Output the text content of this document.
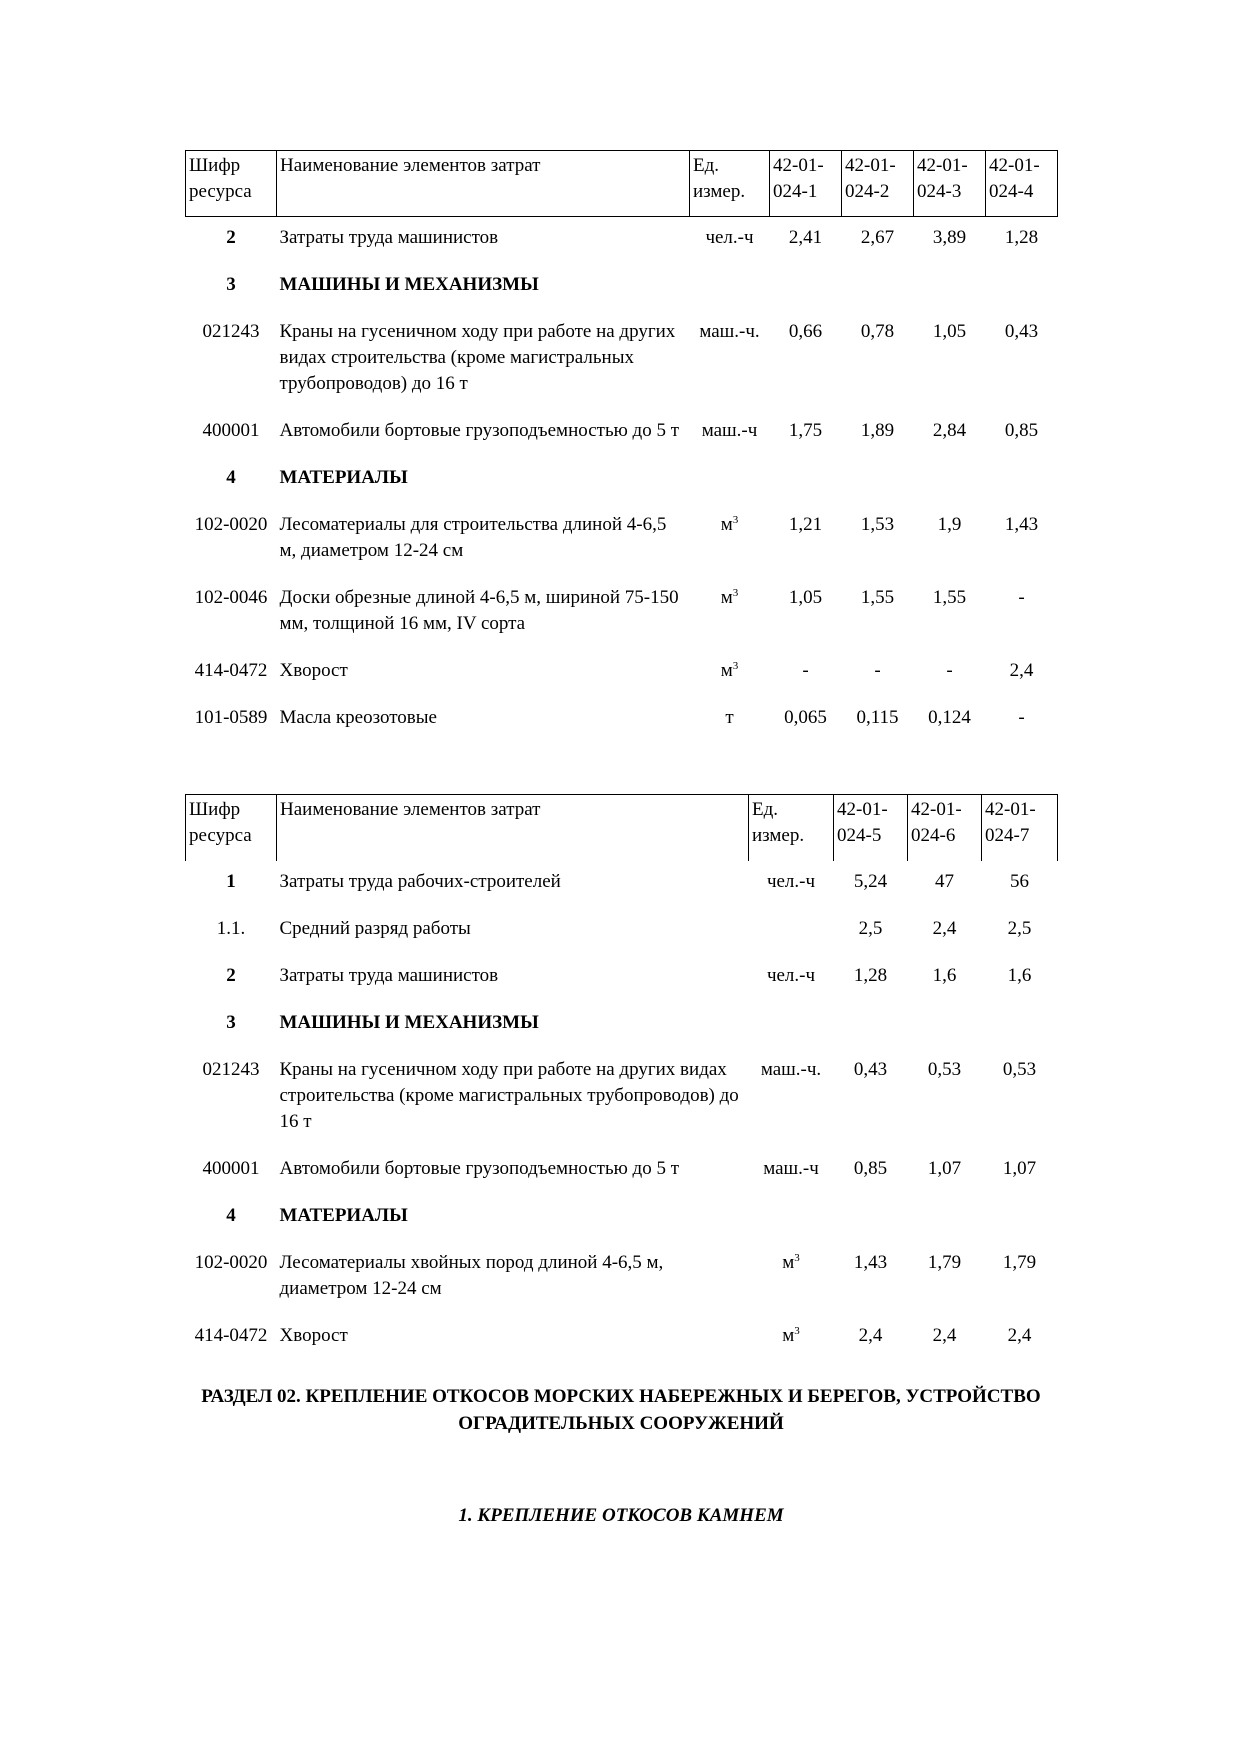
Шифр ресурса	Наименование элементов затрат	Ед. измер.	42-01-024-1	42-01-024-2	42-01-024-3	42-01-024-4
2	Затраты труда машинистов	чел.-ч	2,41	2,67	3,89	1,28
3	МАШИНЫ И МЕХАНИЗМЫ					
021243	Краны на гусеничном ходу при работе на других видах строительства (кроме магистральных трубопроводов) до 16 т	маш.-ч.	0,66	0,78	1,05	0,43
400001	Автомобили бортовые грузоподъемностью до 5 т	маш.-ч	1,75	1,89	2,84	0,85
4	МАТЕРИАЛЫ					
102-0020	Лесоматериалы для строительства длиной 4-6,5 м, диаметром 12-24 см	$м^3$	1,21	1,53	1,9	1,43
102-0046	Доски обрезные длиной 4-6,5 м, шириной 75-150 мм, толщиной 16 мм, IV сорта	$м^3$	1,05	1,55	1,55	-
414-0472	Хворост	$м^3$	-	-	-	2,4
101-0589	Масла креозотовые	т	0,065	0,115	0,124	-
Шифр ресурса	Наименование элементов затрат	Ед. измер.	42-01-024-5	42-01-024-6	42-01-024-7
1	Затраты труда рабочих-строителей	чел.-ч	5,24	47	56
1.1.	Средний разряд работы		2,5	2,4	2,5
2	Затраты труда машинистов	чел.-ч	1,28	1,6	1,6
3	МАШИНЫ И МЕХАНИЗМЫ				
021243	Краны на гусеничном ходу при работе на других видах строительства (кроме магистральных трубопроводов) до 16 т	маш.-ч.	0,43	0,53	0,53
400001	Автомобили бортовые грузоподъемностью до 5 т	маш.-ч	0,85	1,07	1,07
4	МАТЕРИАЛЫ				
102-0020	Лесоматериалы хвойных пород длиной 4-6,5 м, диаметром 12-24 см	$м^3$	1,43	1,79	1,79
414-0472	Хворост	$м^3$	2,4	2,4	2,4
РАЗДЕЛ 02. КРЕПЛЕНИЕ ОТКОСОВ МОРСКИХ НАБЕРЕЖНЫХ И БЕРЕГОВ, УСТРОЙСТВО ОГРАДИТЕЛЬНЫХ СООРУЖЕНИЙ
1. КРЕПЛЕНИЕ ОТКОСОВ КАМНЕМ
